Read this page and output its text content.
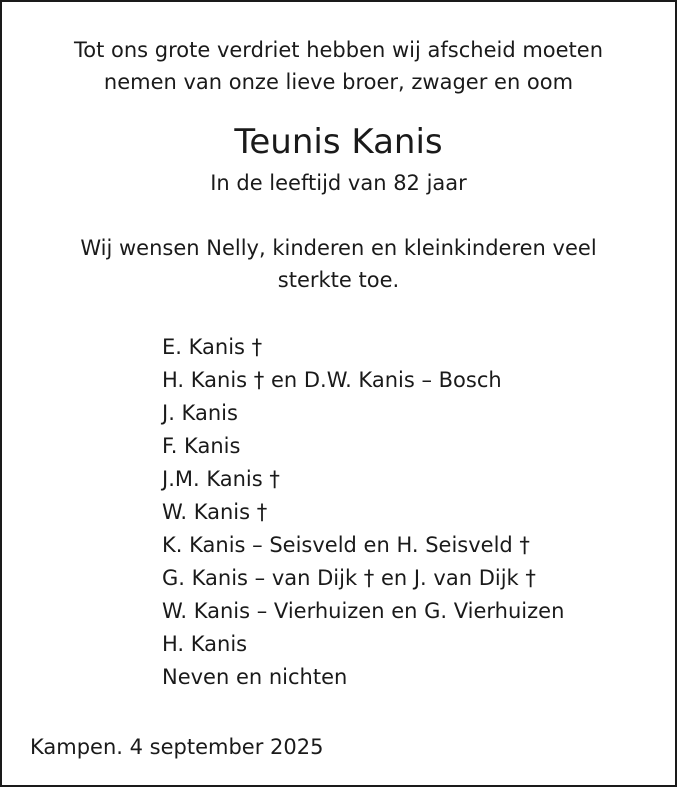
Tot ons grote verdriet hebben wij afscheid moeten
nemen van onze lieve broer, zwager en oom
Teunis Kanis
In de leeftijd van 82 jaar
Wij wensen Nelly, kinderen en kleinkinderen veel
sterkte toe.
E. Kanis †
H. Kanis † en D.W. Kanis – Bosch
J. Kanis
F. Kanis
J.M. Kanis †
W. Kanis †
K. Kanis – Seisveld en H. Seisveld †
G. Kanis – van Dijk † en J. van Dijk †
W. Kanis – Vierhuizen en G. Vierhuizen
H. Kanis
Neven en nichten
Kampen. 4 september 2025
